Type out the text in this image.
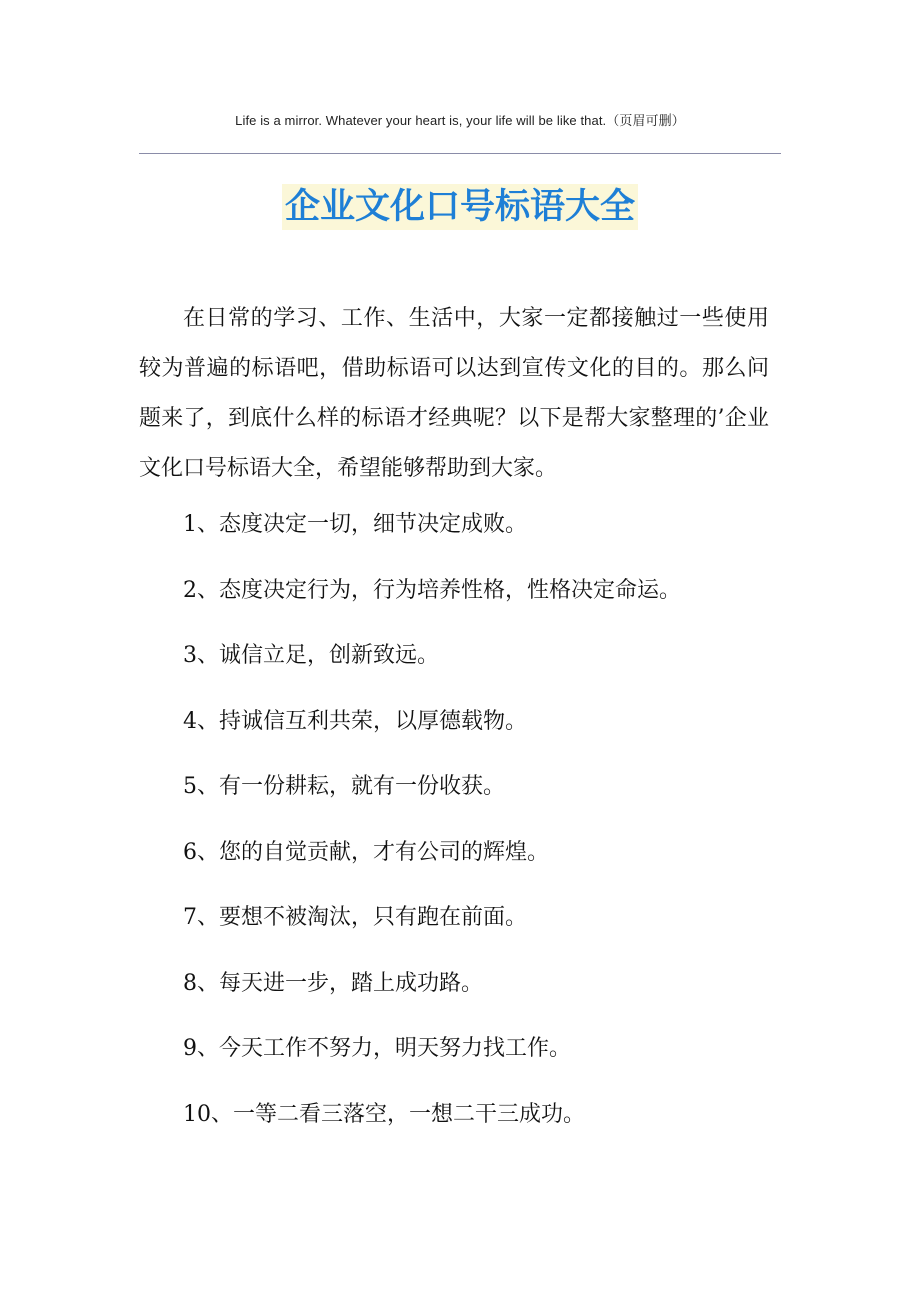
Life is a mirror. Whatever your heart is, your life will be like that.（页眉可删）
企业文化口号标语大全

在日常的学习、工作、生活中，大家一定都接触过一些使用较为普遍的标语吧，借助标语可以达到宣传文化的目的。那么问题来了，到底什么样的标语才经典呢？以下是帮大家整理的’企业文化口号标语大全，希望能够帮助到大家。

1、态度决定一切，细节决定成败。
2、态度决定行为，行为培养性格，性格决定命运。
3、诚信立足，创新致远。
4、持诚信互利共荣，以厚德载物。
5、有一份耕耘，就有一份收获。
6、您的自觉贡献，才有公司的辉煌。
7、要想不被淘汰，只有跑在前面。
8、每天进一步，踏上成功路。
9、今天工作不努力，明天努力找工作。
10、一等二看三落空，一想二干三成功。
